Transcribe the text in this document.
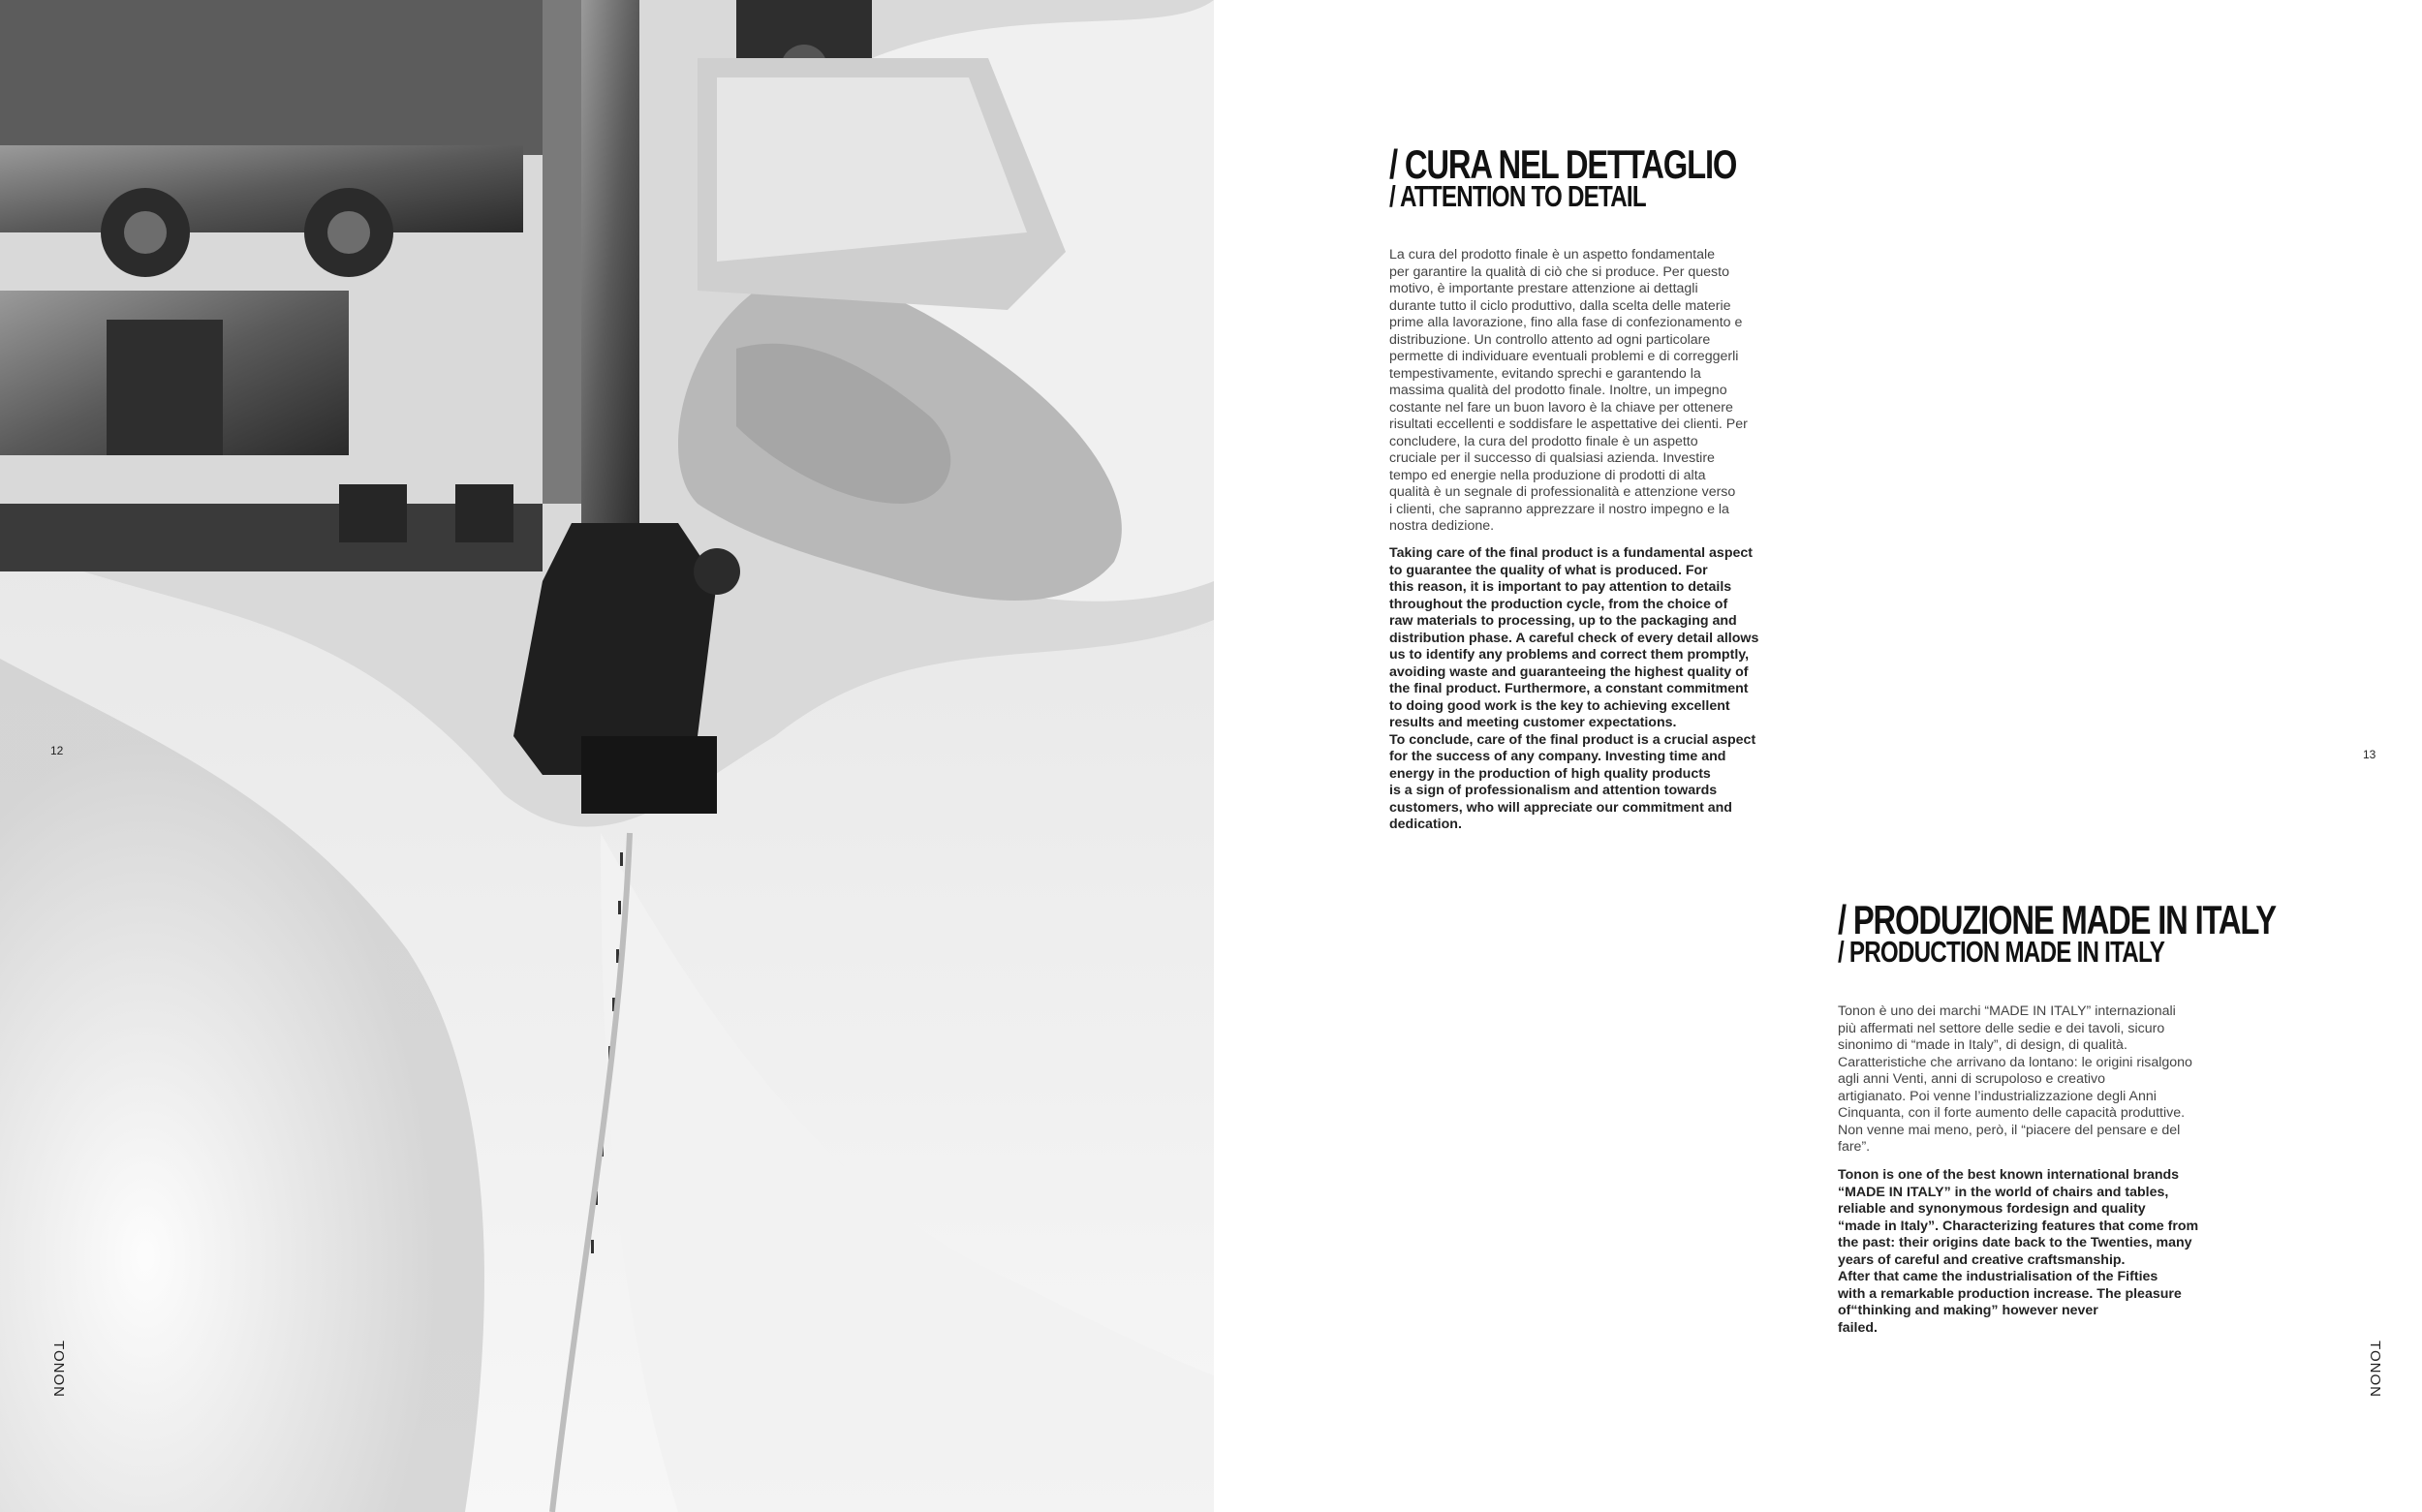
12
TONON
13
TONON
/ CURA NEL DETTAGLIO
/ ATTENTION TO DETAIL
La cura del prodotto finale è un aspetto fondamentale
per garantire la qualità di ciò che si produce. Per questo
motivo, è importante prestare attenzione ai dettagli
durante tutto il ciclo produttivo, dalla scelta delle materie
prime alla lavorazione, fino alla fase di confezionamento e
distribuzione. Un controllo attento ad ogni particolare
permette di individuare eventuali problemi e di correggerli
tempestivamente, evitando sprechi e garantendo la
massima qualità del prodotto finale. Inoltre, un impegno
costante nel fare un buon lavoro è la chiave per ottenere
risultati eccellenti e soddisfare le aspettative dei clienti. Per
concludere, la cura del prodotto finale è un aspetto
cruciale per il successo di qualsiasi azienda. Investire
tempo ed energie nella produzione di prodotti di alta
qualità è un segnale di professionalità e attenzione verso
i clienti, che sapranno apprezzare il nostro impegno e la
nostra dedizione.
Taking care of the final product is a fundamental aspect
to guarantee the quality of what is produced. For
this reason, it is important to pay attention to details
throughout the production cycle, from the choice of
raw materials to processing, up to the packaging and
distribution phase. A careful check of every detail allows
us to identify any problems and correct them promptly,
avoiding waste and guaranteeing the highest quality of
the final product. Furthermore, a constant commitment
to doing good work is the key to achieving excellent
results and meeting customer expectations.
To conclude, care of the final product is a crucial aspect
for the success of any company. Investing time and
energy in the production of high quality products
is a sign of professionalism and attention towards
customers, who will appreciate our commitment and
dedication.
/ PRODUZIONE MADE IN ITALY
/ PRODUCTION MADE IN ITALY
Tonon è uno dei marchi “MADE IN ITALY” internazionali
più affermati nel settore delle sedie e dei tavoli, sicuro
sinonimo di “made in Italy”, di design, di qualità.
Caratteristiche che arrivano da lontano: le origini risalgono
agli anni Venti, anni di scrupoloso e creativo
artigianato. Poi venne l’industrializzazione degli Anni
Cinquanta, con il forte aumento delle capacità produttive.
Non venne mai meno, però, il “piacere del pensare e del
fare”.
Tonon is one of the best known international brands
“MADE IN ITALY” in the world of chairs and tables,
reliable and synonymous fordesign and quality
“made in Italy”. Characterizing features that come from
the past: their origins date back to the Twenties, many
years of careful and creative craftsmanship.
After that came the industrialisation of the Fifties
with a remarkable production increase. The pleasure
of“thinking and making” however never
failed.
